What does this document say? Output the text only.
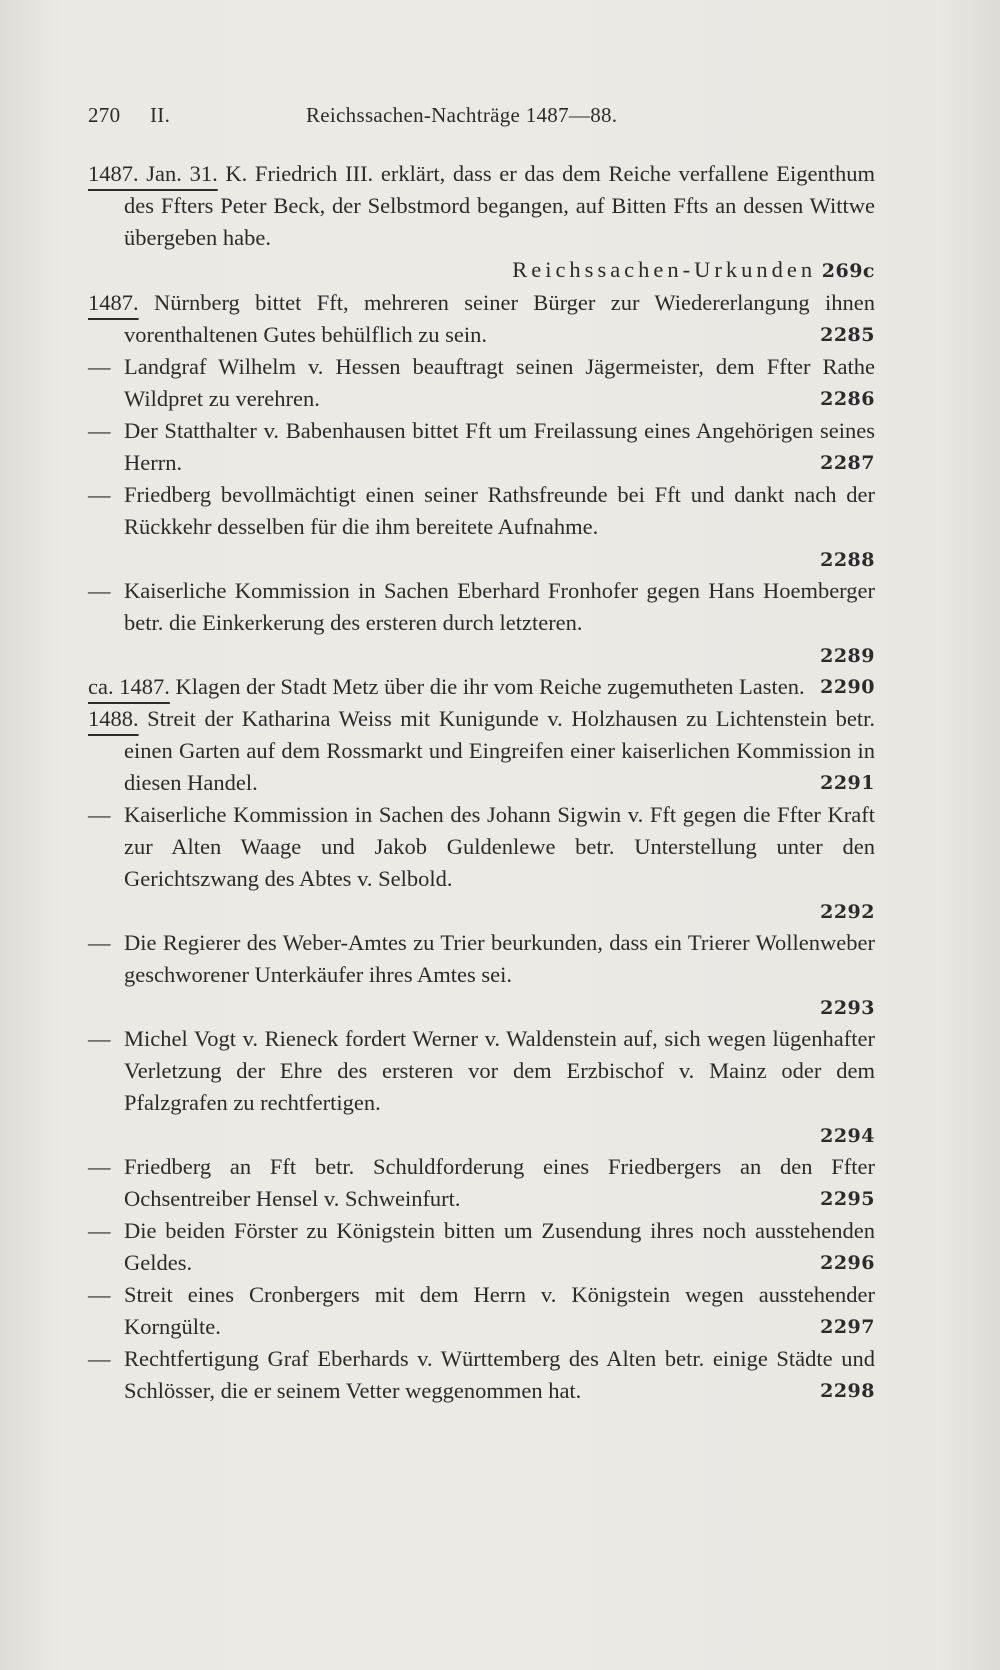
270 II.	Reichssachen-Nachträge 1487—88.
1487. Jan. 31. K. Friedrich III. erklärt, dass er das dem Reiche verfallene Eigenthum des Ffters Peter Beck, der Selbstmord begangen, auf Bitten Ffts an dessen Wittwe übergeben habe.
Reichssachen-Urkunden 269c
1487. Nürnberg bittet Fft, mehreren seiner Bürger zur Wiedererlangung ihnen vorenthaltenen Gutes behülflich zu sein.	2285
— Landgraf Wilhelm v. Hessen beauftragt seinen Jägermeister, dem Ffter Rathe Wildpret zu verehren.	2286
— Der Statthalter v. Babenhausen bittet Fft um Freilassung eines Angehörigen seines Herrn.	2287
— Friedberg bevollmächtigt einen seiner Rathsfreunde bei Fft und dankt nach der Rückkehr desselben für die ihm bereitete Aufnahme.
2288
— Kaiserliche Kommission in Sachen Eberhard Fronhofer gegen Hans Hoemberger betr. die Einkerkerung des ersteren durch letzteren.
2289
ca. 1487. Klagen der Stadt Metz über die ihr vom Reiche zugemutheten Lasten. 2290
1488. Streit der Katharina Weiss mit Kunigunde v. Holzhausen zu Lichtenstein betr. einen Garten auf dem Rossmarkt und Eingreifen einer kaiserlichen Kommission in diesen Handel.	2291
— Kaiserliche Kommission in Sachen des Johann Sigwin v. Fft gegen die Ffter Kraft zur Alten Waage und Jakob Guldenlewe betr. Unterstellung unter den Gerichtszwang des Abtes v. Selbold.
2292
— Die Regierer des Weber-Amtes zu Trier beurkunden, dass ein Trierer Wollenweber geschworener Unterkäufer ihres Amtes sei.
2293
— Michel Vogt v. Rieneck fordert Werner v. Waldenstein auf, sich wegen lügenhafter Verletzung der Ehre des ersteren vor dem Erzbischof v. Mainz oder dem Pfalzgrafen zu rechtfertigen.
2294
— Friedberg an Fft betr. Schuldforderung eines Friedbergers an den Ffter Ochsentreiber Hensel v. Schweinfurt.	2295
— Die beiden Förster zu Königstein bitten um Zusendung ihres noch ausstehenden Geldes.	2296
— Streit eines Cronbergers mit dem Herrn v. Königstein wegen ausstehender Korngülte.	2297
— Rechtfertigung Graf Eberhards v. Württemberg des Alten betr. einige Städte und Schlösser, die er seinem Vetter weggenommen hat.	2298
